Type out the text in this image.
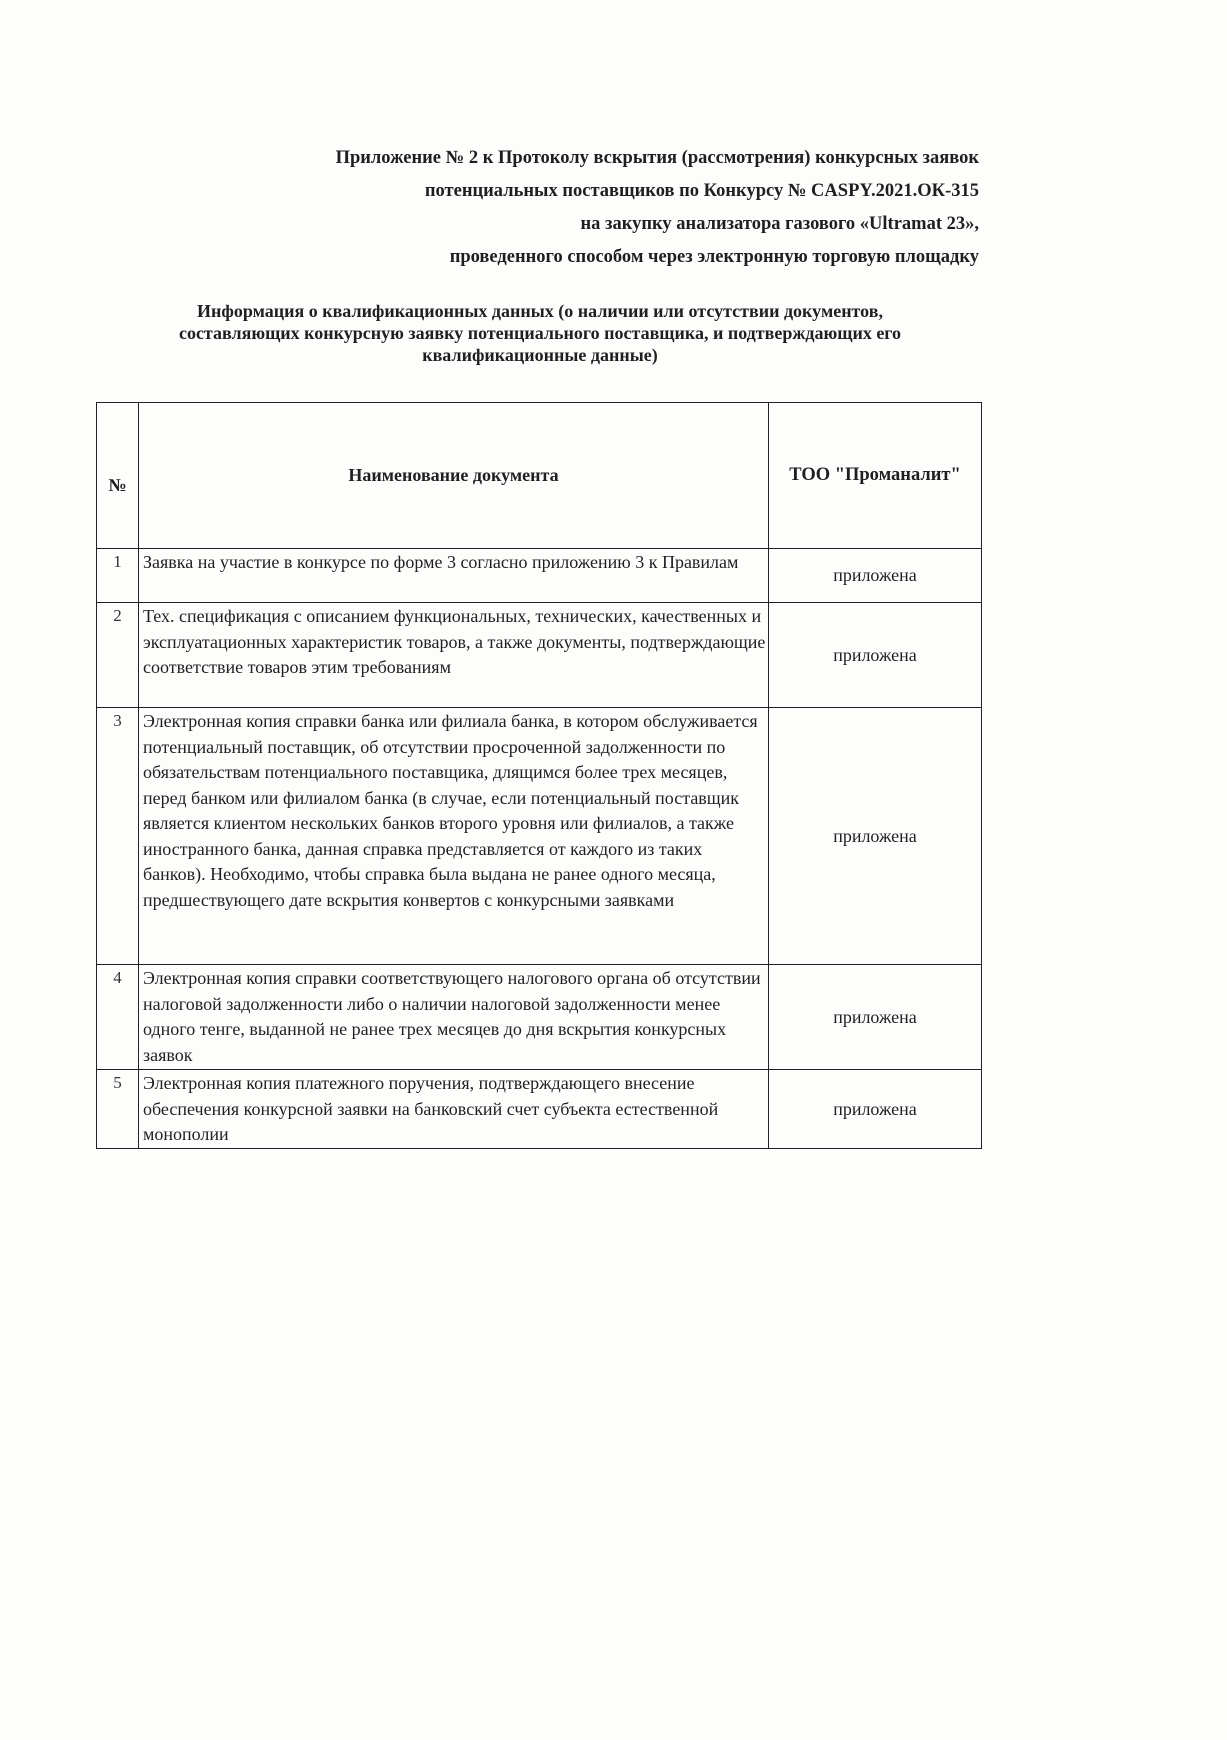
Приложение № 2 к Протоколу вскрытия (рассмотрения) конкурсных заявок
потенциальных поставщиков по Конкурсу № CASPY.2021.ОК-315
на закупку анализатора газового «Ultramat 23»,
проведенного способом через электронную торговую площадку
Информация о квалификационных данных (о наличии или отсутствии документов,
составляющих конкурсную заявку потенциального поставщика, и подтверждающих его
квалификационные данные)
№	Наименование документа	ТОО "Проманалит"
1	Заявка на участие в конкурсе по форме 3 согласно приложению 3 к Правилам	приложена
2	Тех. спецификация с описанием функциональных, технических, качественных и эксплуатационных характеристик товаров, а также документы, подтверждающие соответствие товаров этим требованиям	приложена
3	Электронная копия справки банка или филиала банка, в котором обслуживается потенциальный поставщик, об отсутствии просроченной задолженности по обязательствам потенциального поставщика, длящимся более трех месяцев, перед банком или филиалом банка (в случае, если потенциальный поставщик является клиентом нескольких банков второго уровня или филиалов, а также иностранного банка, данная справка представляется от каждого из таких банков). Необходимо, чтобы справка была выдана не ранее одного месяца, предшествующего дате вскрытия конвертов с конкурсными заявками	приложена
4	Электронная копия справки соответствующего налогового органа об отсутствии налоговой задолженности либо о наличии налоговой задолженности менее одного тенге, выданной не ранее трех месяцев до дня вскрытия конкурсных заявок	приложена
5	Электронная копия платежного поручения, подтверждающего внесение обеспечения конкурсной заявки на банковский счет субъекта естественной монополии	приложена
